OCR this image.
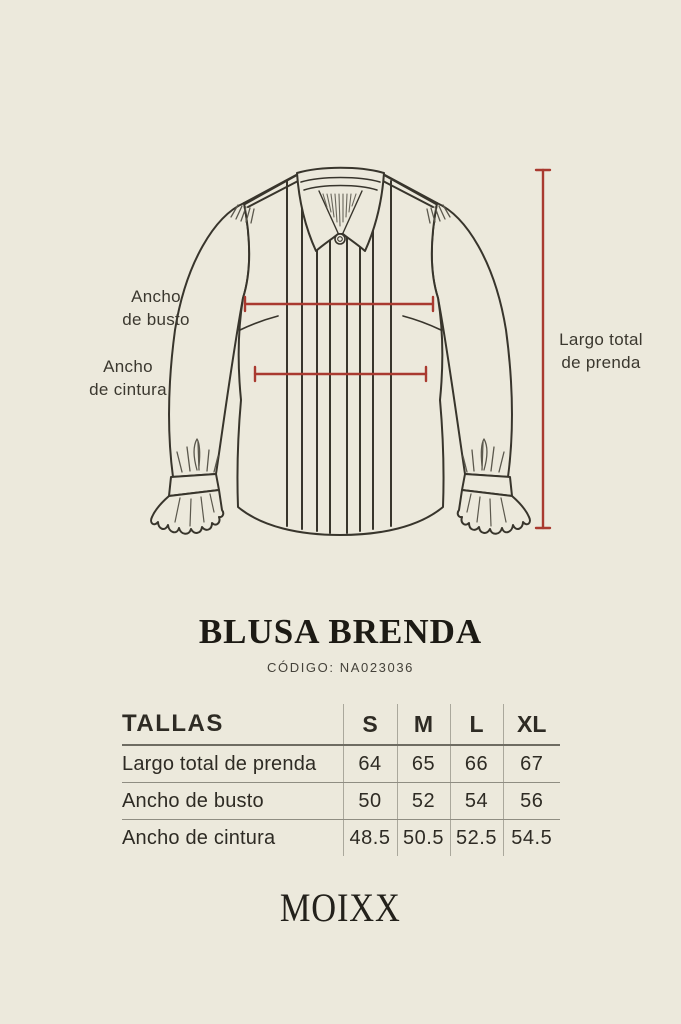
Ancho
de busto
Ancho
de cintura
Largo total
de prenda
BLUSA BRENDA
CÓDIGO: NA023036
TALLAS	S	M	L	XL
Largo total de prenda	64	65	66	67
Ancho de busto	50	52	54	56
Ancho de cintura	48.5	50.5	52.5	54.5
MOIXX
